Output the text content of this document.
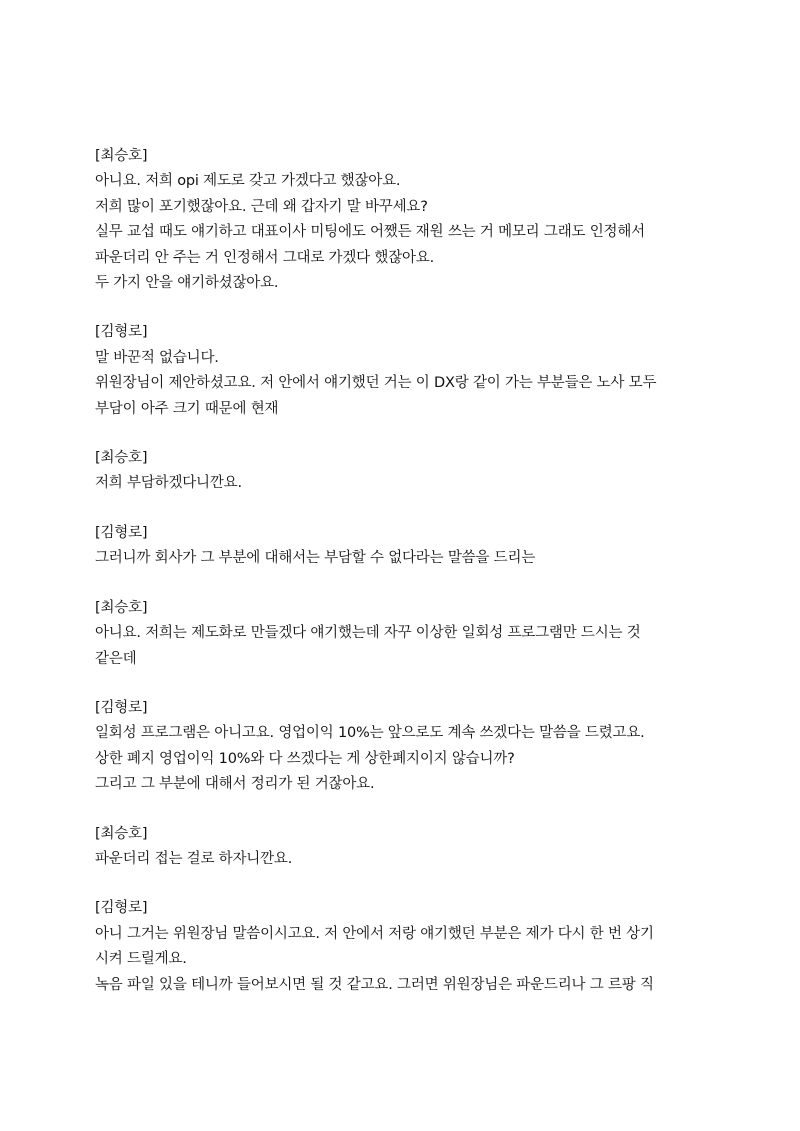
[최승호]
아니요. 저희 opi 제도로 갖고 가겠다고 했잖아요.
저희 많이 포기했잖아요. 근데 왜 갑자기 말 바꾸세요?
실무 교섭 때도 얘기하고 대표이사 미팅에도 어쨌든 재원 쓰는 거 메모리 그래도 인정해서
파운더리 안 주는 거 인정해서 그대로 가겠다 했잖아요.
두 가지 안을 얘기하셨잖아요.
[김형로]
말 바꾼적 없습니다.
위원장님이 제안하셨고요. 저 안에서 얘기했던 거는 이 DX랑 같이 가는 부분들은 노사 모두
부담이 아주 크기 때문에 현재
[최승호]
저희 부담하겠다니깐요.
[김형로]
그러니까 회사가 그 부분에 대해서는 부담할 수 없다라는 말씀을 드리는
[최승호]
아니요. 저희는 제도화로 만들겠다 얘기했는데 자꾸 이상한 일회성 프로그램만 드시는 것
같은데
[김형로]
일회성 프로그램은 아니고요. 영업이익 10%는 앞으로도 계속 쓰겠다는 말씀을 드렸고요.
상한 폐지 영업이익 10%와 다 쓰겠다는 게 상한폐지이지 않습니까?
그리고 그 부분에 대해서 정리가 된 거잖아요.
[최승호]
파운더리 접는 걸로 하자니깐요.
[김형로]
아니 그거는 위원장님 말씀이시고요. 저 안에서 저랑 얘기했던 부분은 제가 다시 한 번 상기
시켜 드릴게요.
녹음 파일 있을 테니까 들어보시면 될 것 같고요. 그러면 위원장님은 파운드리나 그 르팡 직
